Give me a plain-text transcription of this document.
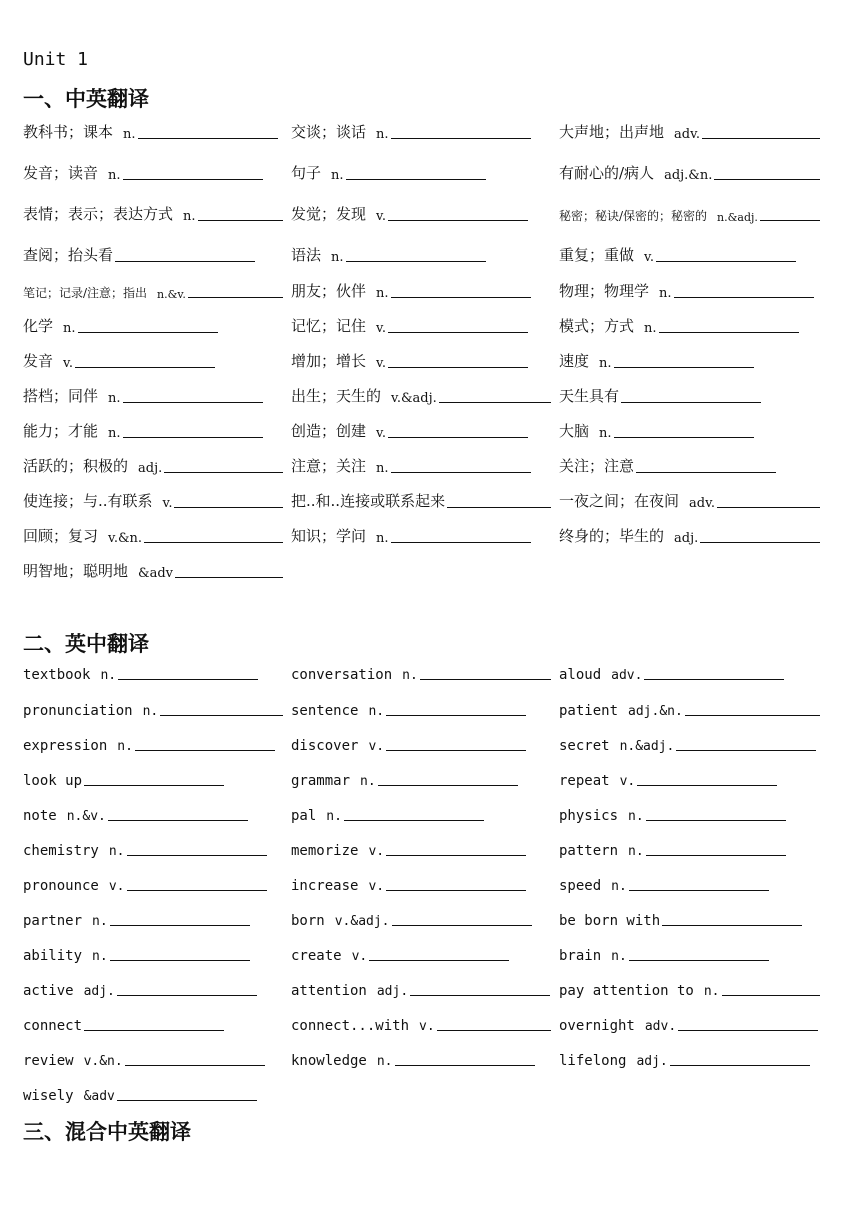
Unit 1
一、中英翻译
二、英中翻译
三、混合中英翻译
教科书；课本 n.	交谈；谈话 n.	大声地；出声地 adv.
发音；读音 n.	句子 n.	有耐心的/病人 adj.&n.
表情；表示；表达方式 n.	发觉；发现 v.	秘密；秘诀/保密的；秘密的 n.&adj.
查阅；抬头看	语法 n.	重复；重做 v.
笔记；记录/注意；指出 n.&v.	朋友；伙伴 n.	物理；物理学 n.
化学 n.	记忆；记住 v.	模式；方式 n.
发音 v.	增加；增长 v.	速度 n.
搭档；同伴 n.	出生；天生的 v.&adj.	天生具有
能力；才能 n.	创造；创建 v.	大脑 n.
活跃的；积极的 adj.	注意；关注 n.	关注；注意
使连接；与..有联系 v.	把..和..连接或联系起来	一夜之间；在夜间 adv.
回顾；复习 v.&n.	知识；学问 n.	终身的；毕生的 adj.
明智地；聪明地 &adv
textbook n.	conversation n.	aloud adv.
pronunciation n.	sentence n.	patient adj.&n.
expression n.	discover v.	secret n.&adj.
look up	grammar n.	repeat v.
note n.&v.	pal n.	physics n.
chemistry n.	memorize v.	pattern n.
pronounce v.	increase v.	speed n.
partner n.	born v.&adj.	be born with
ability n.	create v.	brain n.
active adj.	attention adj.	pay attention to n.
connect	connect...with v.	overnight adv.
review v.&n.	knowledge n.	lifelong adj.
wisely &adv
